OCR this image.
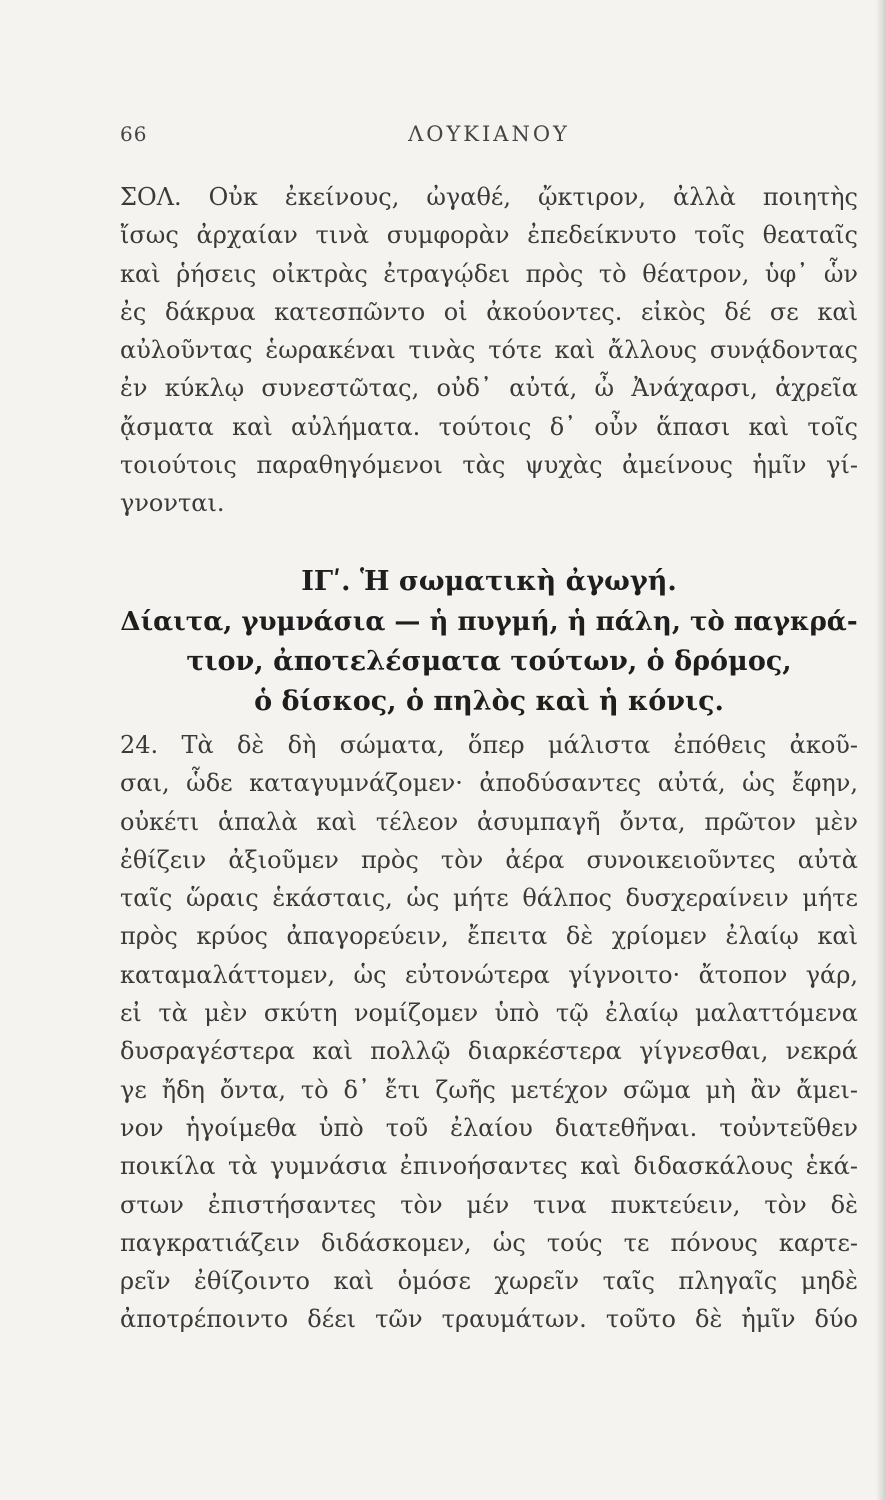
66	ΛΟΥΚΙΑΝΟΥ
ΣΟΛ. Οὐκ ἐκείνους, ὠγαθέ, ᾤκτιρον, ἀλλὰ ποιητὴς
ἴσως ἀρχαίαν τινὰ συμφορὰν ἐπεδείκνυτο τοῖς θεαταῖς
καὶ ῥήσεις οἰκτρὰς ἐτραγῴδει πρὸς τὸ θέατρον, ὑφ᾽ ὧν
ἐς δάκρυα κατεσπῶντο οἱ ἀκούοντες. εἰκὸς δέ σε καὶ
αὐλοῦντας ἑωρακέναι τινὰς τότε καὶ ἄλλους συνᾴδοντας
ἐν κύκλῳ συνεστῶτας, οὐδ᾽ αὐτά, ὦ Ἀνάχαρσι, ἀχρεῖα
ᾄσματα καὶ αὐλήματα. τούτοις δ᾽ οὖν ἅπασι καὶ τοῖς
τοιούτοις παραθηγόμενοι τὰς ψυχὰς ἀμείνους ἡμῖν γί-
γνονται.
ΙΓʹ. Ἡ σωματικὴ ἀγωγή.
Δίαιτα, γυμνάσια — ἡ πυγμή, ἡ πάλη, τὸ παγκρά-
τιον, ἀποτελέσματα τούτων, ὁ δρόμος,
ὁ δίσκος, ὁ πηλὸς καὶ ἡ κόνις.
24. Τὰ δὲ δὴ σώματα, ὅπερ μάλιστα ἐπόθεις ἀκοῦ-
σαι, ὧδε καταγυμνάζομεν· ἀποδύσαντες αὐτά, ὡς ἔφην,
οὐκέτι ἁπαλὰ καὶ τέλεον ἀσυμπαγῆ ὄντα, πρῶτον μὲν
ἐθίζειν ἀξιοῦμεν πρὸς τὸν ἀέρα συνοικειοῦντες αὐτὰ
ταῖς ὥραις ἑκάσταις, ὡς μήτε θάλπος δυσχεραίνειν μήτε
πρὸς κρύος ἀπαγορεύειν, ἔπειτα δὲ χρίομεν ἐλαίῳ καὶ
καταμαλάττομεν, ὡς εὐτονώτερα γίγνοιτο· ἄτοπον γάρ,
εἰ τὰ μὲν σκύτη νομίζομεν ὑπὸ τῷ ἐλαίῳ μαλαττόμενα
δυσραγέστερα καὶ πολλῷ διαρκέστερα γίγνεσθαι, νεκρά
γε ἤδη ὄντα, τὸ δ᾽ ἔτι ζωῆς μετέχον σῶμα μὴ ἂν ἄμει-
νον ἡγοίμεθα ὑπὸ τοῦ ἐλαίου διατεθῆναι. τοὐντεῦθεν
ποικίλα τὰ γυμνάσια ἐπινοήσαντες καὶ διδασκάλους ἑκά-
στων ἐπιστήσαντες τὸν μέν τινα πυκτεύειν, τὸν δὲ
παγκρατιάζειν διδάσκομεν, ὡς τούς τε πόνους καρτε-
ρεῖν ἐθίζοιντο καὶ ὁμόσε χωρεῖν ταῖς πληγαῖς μηδὲ
ἀποτρέποιντο δέει τῶν τραυμάτων. τοῦτο δὲ ἡμῖν δύο
